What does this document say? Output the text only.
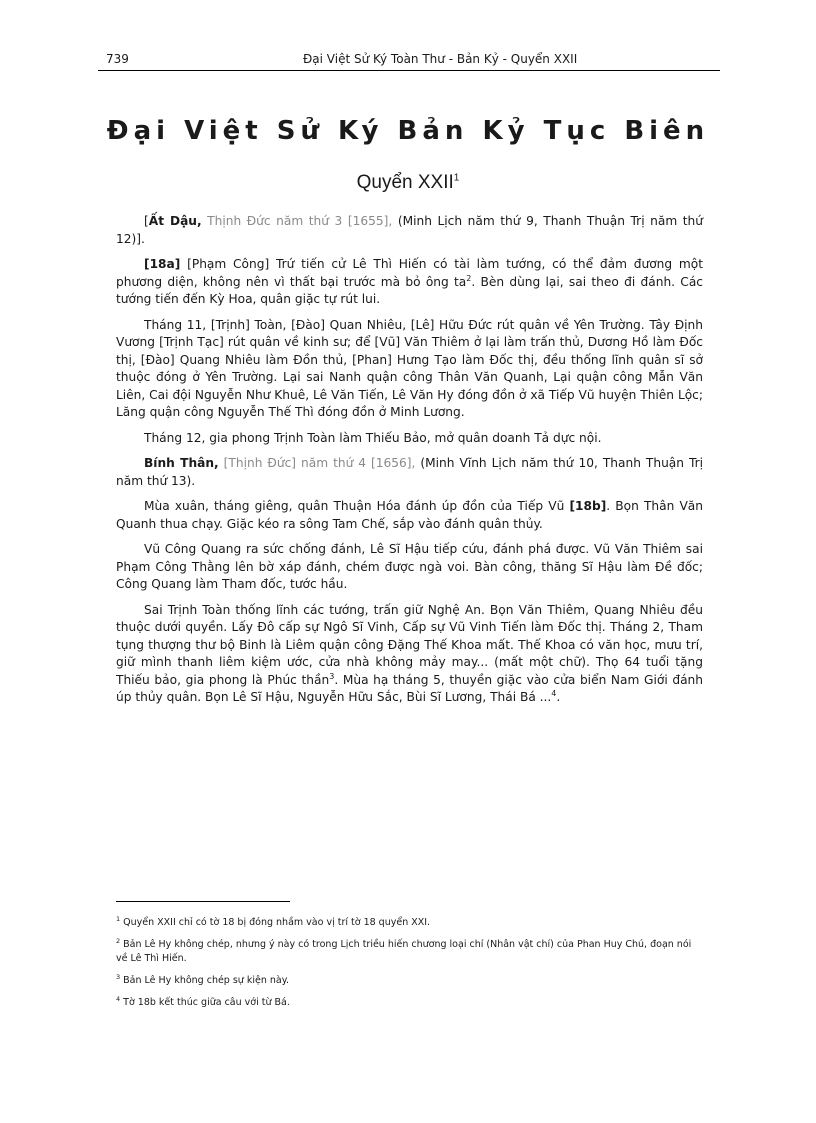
739	Đại Việt Sử Ký Toàn Thư - Bản Kỷ - Quyển XXII
Đại Việt Sử Ký Bản Kỷ Tục Biên
Quyển XXII$^1$

[Ất Dậu, Thịnh Đức năm thứ 3 [1655], (Minh Lịch năm thứ 9, Thanh Thuận Trị năm thứ 12)].

[18a] [Phạm Công] Trứ tiến cử Lê Thì Hiến có tài làm tướng, có thể đảm đương một phương diện, không nên vì thất bại trước mà bỏ ông $ta^2$. Bèn dùng lại, sai theo đi đánh. Các tướng tiến đến Kỳ Hoa, quân giặc tự rút lui.

Tháng 11, [Trịnh] Toàn, [Đào] Quan Nhiêu, [Lê] Hữu Đức rút quân về Yên Trường. Tây Định Vương [Trịnh Tạc] rút quân về kinh sư; để [Vũ] Văn Thiêm ở lại làm trấn thủ, Dương Hồ làm Đốc thị, [Đào] Quang Nhiêu làm Đồn thủ, [Phan] Hưng Tạo làm Đốc thị, đều thống lĩnh quân sĩ sở thuộc đóng ở Yên Trường. Lại sai Nanh quận công Thân Văn Quanh, Lại quận công Mẫn Văn Liên, Cai đội Nguyễn Như Khuê, Lê Văn Tiến, Lê Văn Hy đóng đồn ở xã Tiếp Vũ huyện Thiên Lộc; Lăng quận công Nguyễn Thế Thì đóng đồn ở Minh Lương.

Tháng 12, gia phong Trịnh Toàn làm Thiếu Bảo, mở quân doanh Tả dực nội.

Bính Thân, [Thịnh Đức] năm thứ 4 [1656], (Minh Vĩnh Lịch năm thứ 10, Thanh Thuận Trị năm thứ 13).

Mùa xuân, tháng giêng, quân Thuận Hóa đánh úp đồn của Tiếp Vũ [18b]. Bọn Thân Văn Quanh thua chạy. Giặc kéo ra sông Tam Chế, sắp vào đánh quân thủy.

Vũ Công Quang ra sức chống đánh, Lê Sĩ Hậu tiếp cứu, đánh phá được. Vũ Văn Thiêm sai Phạm Công Thằng lên bờ xáp đánh, chém được ngà voi. Bàn công, thăng Sĩ Hậu làm Đề đốc; Công Quang làm Tham đốc, tước hầu.

Sai Trịnh Toàn thống lĩnh các tướng, trấn giữ Nghệ An. Bọn Văn Thiêm, Quang Nhiêu đều thuộc dưới quyền. Lấy Đô cấp sự Ngô Sĩ Vinh, Cấp sự Vũ Vinh Tiến làm Đốc thị. Tháng 2, Tham tụng thượng thư bộ Binh là Liêm quận công Đặng Thế Khoa mất. Thế Khoa có văn học, mưu trí, giữ mình thanh liêm kiệm ước, cửa nhà không mảy may... (mất một chữ). Thọ 64 tuổi tặng Thiếu bảo, gia phong là Phúc thần$^3$. Mùa hạ tháng 5, thuyền giặc vào cửa biển Nam Giới đánh úp thủy quân. Bọn Lê Sĩ Hậu, Nguyễn Hữu Sắc, Bùi Sĩ Lương, Thái Bá ...$^4$.

$^1$ Quyển XXII chỉ có tờ 18 bị đóng nhầm vào vị trí tờ 18 quyển XXI.
$^2$ Bản Lê Hy không chép, nhưng ý này có trong Lịch triều hiến chương loại chí (Nhân vật chí) của Phan Huy Chú, đoạn nói về Lê Thì Hiến.
$^3$ Bản Lê Hy không chép sự kiện này.
$^4$ Tờ 18b kết thúc giữa câu với từ Bá.
